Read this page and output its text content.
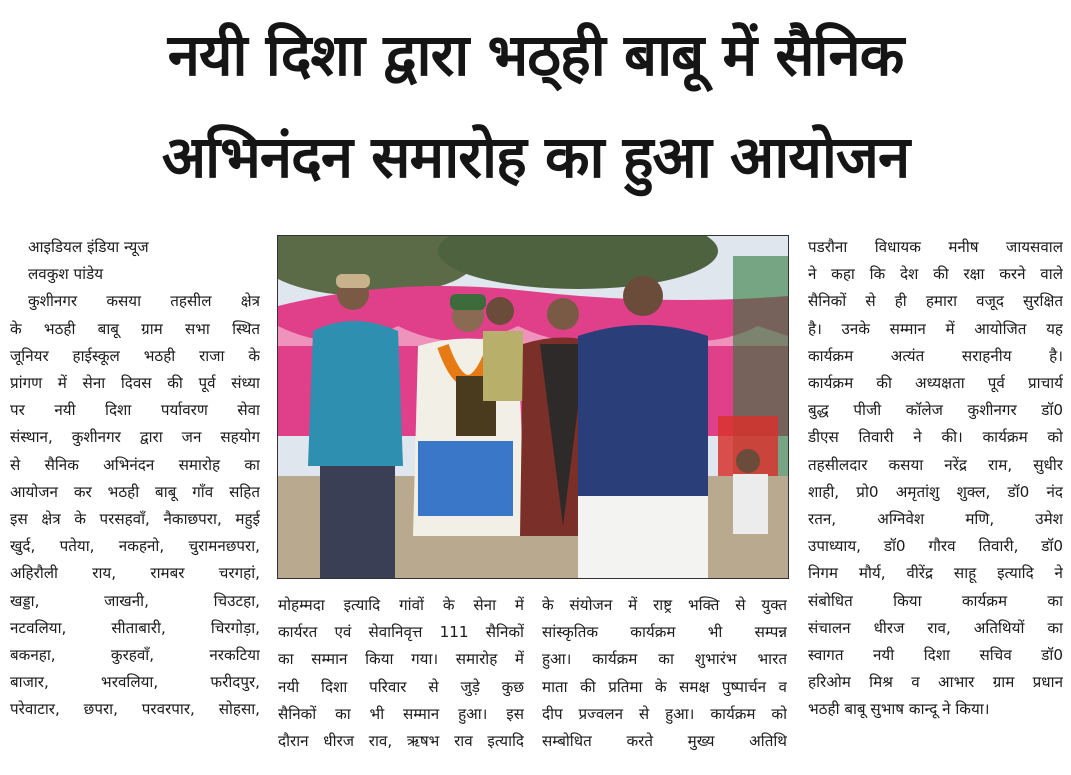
नयी दिशा द्वारा भठ्ही बाबू में सैनिक
अभिनंदन समारोह का हुआ आयोजन
आइडियल इंडिया न्यूज
लवकुश पांडेय
कुशीनगर कसया तहसील क्षेत्र
के भठही बाबू ग्राम सभा स्थित
जूनियर हाईस्कूल भठही राजा के
प्रांगण में सेना दिवस की पूर्व संध्या
पर नयी दिशा पर्यावरण सेवा
संस्थान, कुशीनगर द्वारा जन सहयोग
से सैनिक अभिनंदन समारोह का
आयोजन कर भठही बाबू गाँव सहित
इस क्षेत्र के परसहवाँ, नैकाछपरा, महुई
खुर्द, पतेया, नकहनो, चुरामनछपरा,
अहिरौली राय, रामबर चरगहां,
खड्डा, जाखनी, चिउटहा,
नटवलिया, सीताबारी, चिरगोड़ा,
बकनहा, कुरहवाँ, नरकटिया
बाजार, भरवलिया, फरीदपुर,
परेवाटार, छपरा, परवरपार, सोहसा,
मोहम्मदा इत्यादि गांवों के सेना में
कार्यरत एवं सेवानिवृत्त 111 सैनिकों
का सम्मान किया गया। समारोह में
नयी दिशा परिवार से जुड़े कुछ
सैनिकों का भी सम्मान हुआ। इस
दौरान धीरज राव, ऋषभ राव इत्यादि
के संयोजन में राष्ट्र भक्ति से युक्त
सांस्कृतिक कार्यक्रम भी सम्पन्न
हुआ। कार्यक्रम का शुभारंभ भारत
माता की प्रतिमा के समक्ष पुष्पार्चन व
दीप प्रज्वलन से हुआ। कार्यक्रम को
सम्बोधित करते मुख्य अतिथि
पडरौना विधायक मनीष जायसवाल
ने कहा कि देश की रक्षा करने वाले
सैनिकों से ही हमारा वजूद सुरक्षित
है। उनके सम्मान में आयोजित यह
कार्यक्रम अत्यंत सराहनीय है।
कार्यक्रम की अध्यक्षता पूर्व प्राचार्य
बुद्ध पीजी कॉलेज कुशीनगर डॉ0
डीएस तिवारी ने की। कार्यक्रम को
तहसीलदार कसया नरेंद्र राम, सुधीर
शाही, प्रो0 अमृतांशु शुक्ल, डॉ0 नंद
रतन, अग्निवेश मणि, उमेश
उपाध्याय, डॉ0 गौरव तिवारी, डॉ0
निगम मौर्य, वीरेंद्र साहू इत्यादि ने
संबोधित किया कार्यक्रम का
संचालन धीरज राव, अतिथियों का
स्वागत नयी दिशा सचिव डॉ0
हरिओम मिश्र व आभार ग्राम प्रधान
भठही बाबू सुभाष कान्दू ने किया।
